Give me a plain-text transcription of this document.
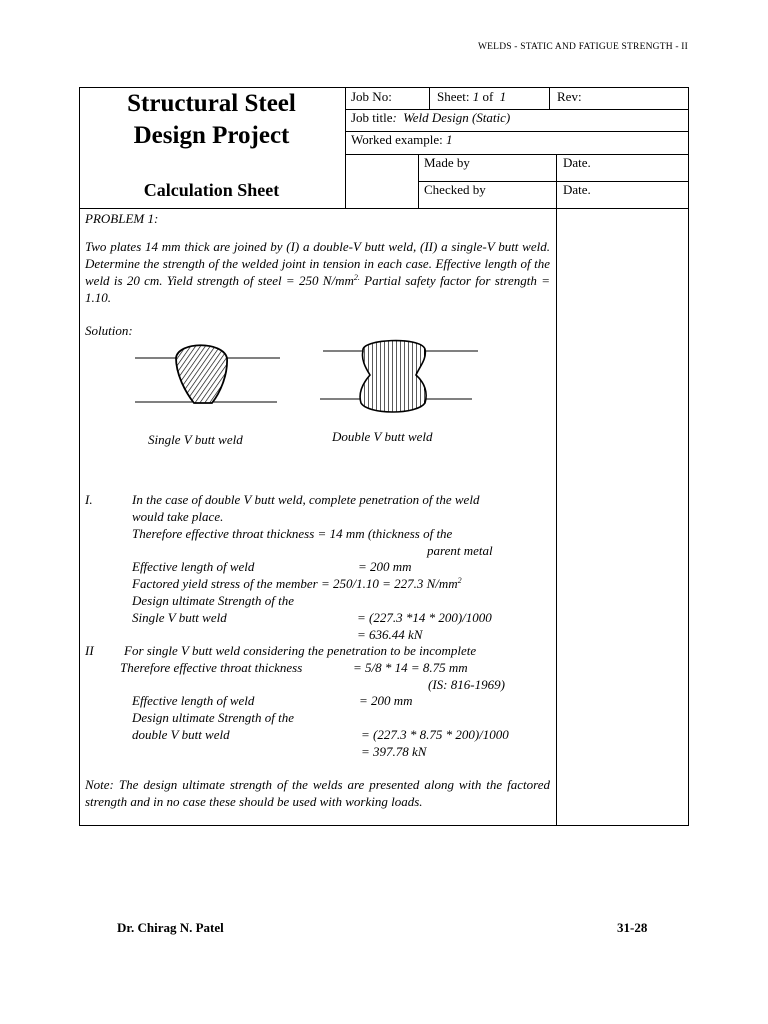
WELDS - STATIC AND FATIGUE STRENGTH - II
Structural Steel
Design Project
Calculation Sheet
Job No:	Sheet: 1 of 1	Rev:
Job title: Weld Design (Static)
Worked example: 1
Made by	Date.
Checked by	Date.
PROBLEM 1:
Two plates 14 mm thick are joined by (I) a double-V butt weld, (II) a single-V butt weld. Determine the strength of the welded joint in tension in each case. Effective length of the weld is 20 cm. Yield strength of steel = 250 $N/mm^{2.}$ Partial safety factor for strength = 1.10.
Solution:
Single V butt weld	Double V butt weld
I.	In the case of double V butt weld, complete penetration of the weld
would take place.
Therefore effective throat thickness = 14 mm (thickness of the
parent metal
Effective length of weld	= 200 mm
Factored yield stress of the member = 250/1.10 = 227.3 $N/mm^2$
Design ultimate Strength of the
Single V butt weld	= (227.3 *14 * 200)/1000
= 636.44 kN
II For single V butt weld considering the penetration to be incomplete
Therefore effective throat thickness	= 5/8 * 14 = 8.75 mm
(IS: 816-1969)
Effective length of weld	= 200 mm
Design ultimate Strength of the
double V butt weld	= (227.3 * 8.75 * 200)/1000
= 397.78 kN
Note: The design ultimate strength of the welds are presented along with the factored strength and in no case these should be used with working loads.
Dr. Chirag N. Patel	31-28
